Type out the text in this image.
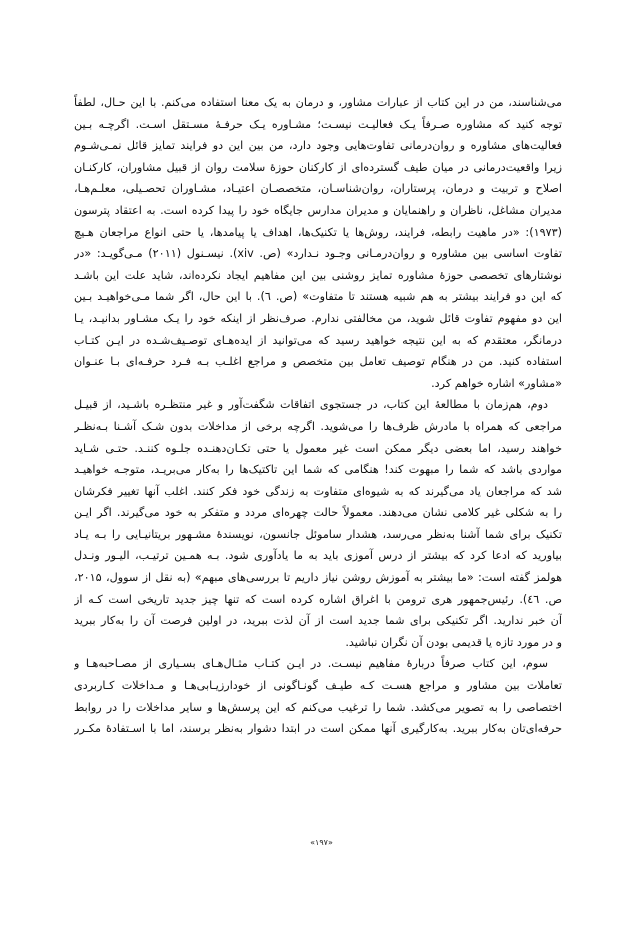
می‌شناسند، من در این کتاب از عبارات مشاور، و درمان به یک معنا استفاده می‌کنم. با این حـال، لطفاً
توجه کنید که مشاوره صـرفاً یـک فعالیـت نیسـت؛ مشـاوره یـک حرفـۀ مسـتقل اسـت. اگرچـه بـین
فعالیت‌های مشاوره و روان‌درمانی تفاوت‌هایی وجود دارد، من بین این دو فرایند تمایز قائل نمـی‌شـوم
زیرا واقعیت‌درمانی در میان طیف گسترده‌ای از کارکنان حوزۀ سلامت روان از قبیل مشاوران، کارکنـان
اصلاح و تربیت و درمان، پرستاران، روان‌شناسـان، متخصصـان اعتیـاد، مشـاوران تحصـیلی، معلـم‌هـا،
مدیران مشاغل، ناظران و راهنمایان و مدیران مدارس جایگاه خود را پیدا کرده است. به اعتقاد پترسون
(۱۹۷۳): «در ماهیت رابطه، فرایند، روش‌ها یا تکنیک‌ها، اهداف یا پیامدها، یا حتی انواع مراجعان هـیچ
تفاوت اساسی بین مشاوره و روان‌درمـانی وجـود نـدارد» (ص. xiv). نیسـنول (۲۰۱۱) مـی‌گویـد: «در
نوشتارهای تخصصی حوزۀ مشاوره تمایز روشنی بین این مفاهیم ایجاد نکرده‌اند، شاید علت این باشـد
که این دو فرایند بیشتر به هم شبیه هستند تا متفاوت» (ص. ٦). با این حال، اگر شما مـی‌خواهیـد بـین
این دو مفهوم تفاوت قائل شوید، من مخالفتی ندارم. صرف‌نظر از اینکه خود را یـک مشـاور بدانیـد، یـا
درمانگر، معتقدم که به این نتیجه خواهید رسید که می‌توانید از ایده‌هـای توصـیف‌شـده در ایـن کتـاب
استفاده کنید. من در هنگام توصیف تعامل بین متخصص و مراجع اغلـب بـه فـرد حرفـه‌ای بـا عنـوان
«مشاور» اشاره خواهم کرد.
دوم، هم‌زمان با مطالعۀ این کتاب، در جستجوی اتفاقات شگفت‌آور و غیر منتظـره باشـید، از قبیـل
مراجعی که همراه با مادرش ظرف‌ها را می‌شوید. اگرچه برخی از مداخلات بدون شـک آشـنا بـه‌نظـر
خواهند رسید، اما بعضی دیگر ممکن است غیر معمول یا حتی تکـان‌دهنـده جلـوه کننـد. حتـی شـاید
مواردی باشد که شما را مبهوت کند! هنگامی که شما این تاکتیک‌ها را به‌کار می‌بریـد، متوجـه خواهیـد
شد که مراجعان یاد می‌گیرند که به شیوه‌ای متفاوت به زندگی خود فکر کنند. اغلب آنها تغییر فکرشان
را به شکلی غیر کلامی نشان می‌دهند. معمولاً حالت چهره‌ای مردد و متفکر به خود می‌گیرند. اگر ایـن
تکنیک برای شما آشنا به‌نظر می‌رسد، هشدار ساموئل جانسون، نویسندۀ مشـهور بریتانیـایی را بـه یـاد
بیاورید که ادعا کرد که بیشتر از درس آموزی باید به ما یادآوری شود. بـه همـین ترتیـب، الیـور ونـدل
هولمز گفته است: «ما بیشتر به آموزش روشن نیاز داریم تا بررسی‌های مبهم» (به نقل از سوول، ۲۰۱۵،
ص. ٤٦). رئیس‌جمهور هری ترومن با اغراق اشاره کرده است که تنها چیز جدید تاریخی است کـه از
آن خبر ندارید. اگر تکنیکی برای شما جدید است از آن لذت ببرید، در اولین فرصت آن را به‌کار ببرید
و در مورد تازه یا قدیمی بودن آن نگران نباشید.
سوم، این کتاب صرفاً دربارۀ مفاهیم نیسـت. در ایـن کتـاب مثـال‌هـای بسـیاری از مصـاحبه‌هـا و
تعاملات بین مشاور و مراجع هسـت کـه طیـف گونـاگونی از خودارزیـابی‌هـا و مـداخلات کـاربردی
اختصاصی را به تصویر می‌کشد. شما را ترغیب می‌کنم که این پرسش‌ها و سایر مداخلات را در روابط
حرفه‌ای‌تان به‌کار ببرید. به‌کارگیری آنها ممکن است در ابتدا دشوار به‌نظر برسند، اما با اسـتفادۀ مکـرر
«۱۹۷»
